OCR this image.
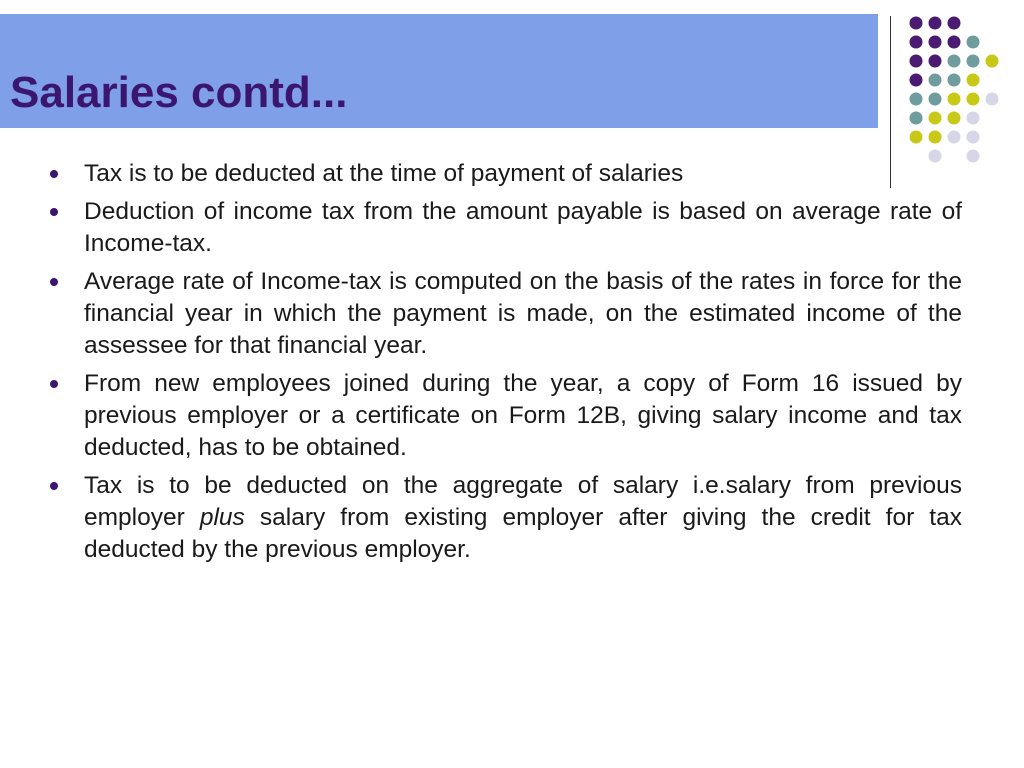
Salaries contd...
Tax is to be deducted at the time of payment of salaries
Deduction of income tax from the amount payable is based on average rate of Income-tax.
Average rate of Income-tax is computed on the basis of the rates in force for the financial year in which the payment is made, on the estimated income of the assessee for that financial year.
From new employees joined during the year, a copy of Form 16 issued by previous employer or a certificate on Form 12B, giving salary income and tax deducted, has to be obtained.
Tax is to be deducted on the aggregate of salary i.e.salary from previous employer plus salary from existing employer after giving the credit for tax deducted by the previous employer.
